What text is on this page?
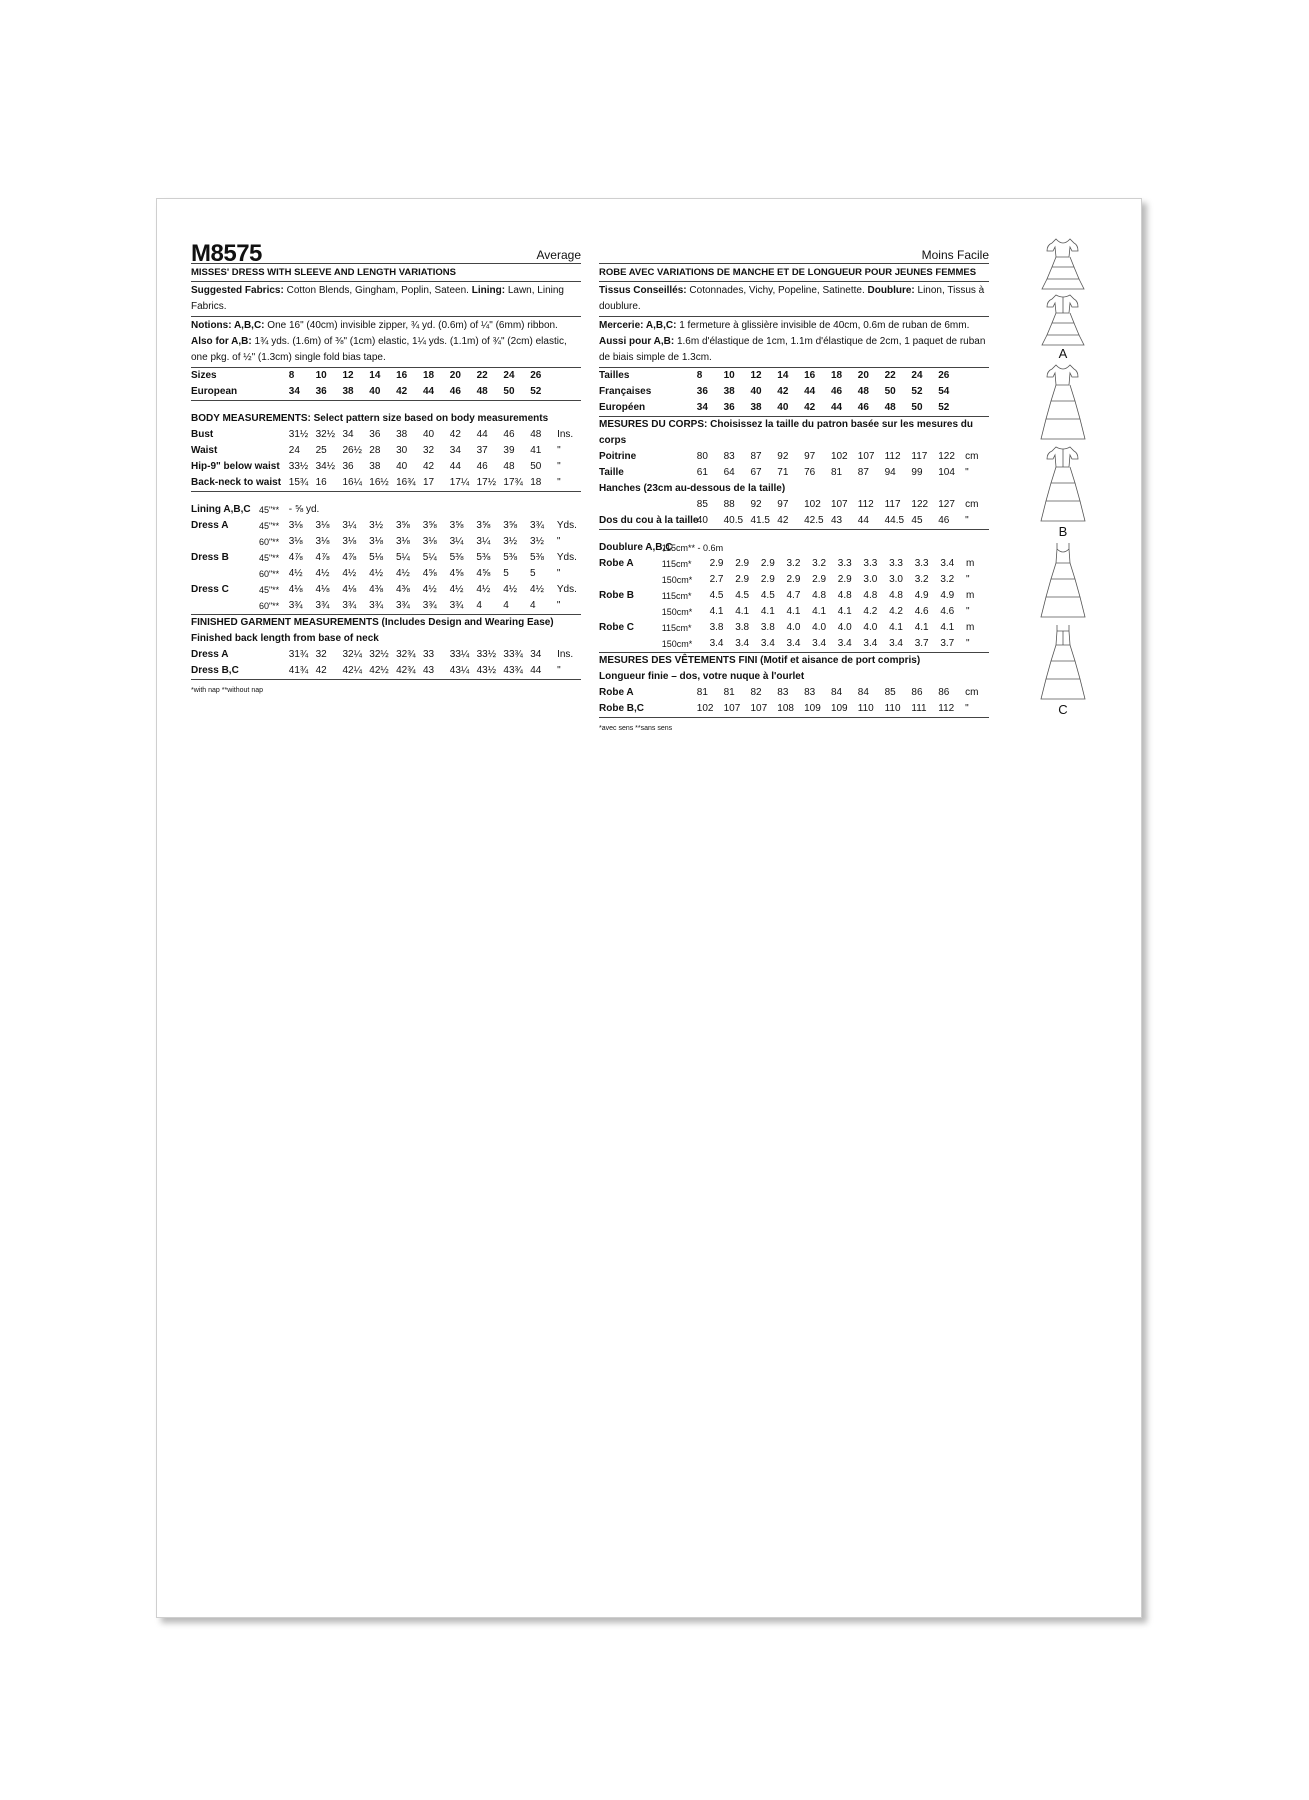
M8575	Average
MISSES' DRESS WITH SLEEVE AND LENGTH VARIATIONS
Suggested Fabrics: Cotton Blends, Gingham, Poplin, Sateen. Lining: Lawn, Lining Fabrics.
Notions: A,B,C: One 16" (40cm) invisible zipper, ¾ yd. (0.6m) of ¼" (6mm) ribbon. Also for A,B: 1¾ yds. (1.6m) of ⅜" (1cm) elastic, 1¼ yds. (1.1m) of ¾" (2cm) elastic, one pkg. of ½" (1.3cm) single fold bias tape.
Sizes		8	10	12	14	16	18	20	22	24	26	
European		34	36	38	40	42	44	46	48	50	52	
BODY MEASUREMENTS: Select pattern size based on body measurements
Bust		31½	32½	34	36	38	40	42	44	46	48	Ins.
Waist		24	25	26½	28	30	32	34	37	39	41	"
Hip-9" below waist		33½	34½	36	38	40	42	44	46	48	50	"
Back-neck to waist		15¾	16	16¼	16½	16¾	17	17¼	17½	17¾	18	"
Lining A,B,C	45"**	- ⅝ yd.										
Dress A	45"**	3⅛	3⅛	3¼	3½	3⅝	3⅝	3⅝	3⅝	3⅝	3¾	Yds.
	60"**	3⅛	3⅛	3⅛	3⅛	3⅛	3⅛	3¼	3¼	3½	3½	"
Dress B	45"**	4⅞	4⅞	4⅞	5⅛	5¼	5¼	5⅜	5⅜	5⅜	5⅜	Yds.
	60"**	4½	4½	4½	4½	4½	4⅝	4⅝	4⅝	5	5	"
Dress C	45"**	4⅛	4⅛	4⅛	4⅜	4⅜	4½	4½	4½	4½	4½	Yds.
	60"**	3¾	3¾	3¾	3¾	3¾	3¾	3¾	4	4	4	"
FINISHED GARMENT MEASUREMENTS (Includes Design and Wearing Ease)
Finished back length from base of neck
Dress A		31¾	32	32¼	32½	32¾	33	33¼	33½	33¾	34	Ins.
Dress B,C		41¾	42	42¼	42½	42¾	43	43¼	43½	43¾	44	"
*with nap **without nap
Moins Facile
ROBE AVEC VARIATIONS DE MANCHE ET DE LONGUEUR POUR JEUNES FEMMES
Tissus Conseillés: Cotonnades, Vichy, Popeline, Satinette. Doublure: Linon, Tissus à doublure.
Mercerie: A,B,C: 1 fermeture à glissière invisible de 40cm, 0.6m de ruban de 6mm. Aussi pour A,B: 1.6m d'élastique de 1cm, 1.1m d'élastique de 2cm, 1 paquet de ruban de biais simple de 1.3cm.
Tailles		8	10	12	14	16	18	20	22	24	26	
Françaises		36	38	40	42	44	46	48	50	52	54	
Européen		34	36	38	40	42	44	46	48	50	52	
MESURES DU CORPS: Choisissez la taille du patron basée sur les mesures du corps
Poitrine		80	83	87	92	97	102	107	112	117	122	cm
Taille		61	64	67	71	76	81	87	94	99	104	"
Hanches (23cm au-dessous de la taille)											
		85	88	92	97	102	107	112	117	122	127	cm
Dos du cou à la taille		40	40.5	41.5	42	42.5	43	44	44.5	45	46	"
Doublure A,B,C	115cm** - 0.6m											
Robe A	115cm*	2.9	2.9	2.9	3.2	3.2	3.3	3.3	3.3	3.3	3.4	m
	150cm*	2.7	2.9	2.9	2.9	2.9	2.9	3.0	3.0	3.2	3.2	"
Robe B	115cm*	4.5	4.5	4.5	4.7	4.8	4.8	4.8	4.8	4.9	4.9	m
	150cm*	4.1	4.1	4.1	4.1	4.1	4.1	4.2	4.2	4.6	4.6	"
Robe C	115cm*	3.8	3.8	3.8	4.0	4.0	4.0	4.0	4.1	4.1	4.1	m
	150cm*	3.4	3.4	3.4	3.4	3.4	3.4	3.4	3.4	3.7	3.7	"
MESURES DES VÊTEMENTS FINI (Motif et aisance de port compris)
Longueur finie – dos, votre nuque à l'ourlet
Robe A		81	81	82	83	83	84	84	85	86	86	cm
Robe B,C		102	107	107	108	109	109	110	110	111	112	"
*avec sens **sans sens
A
B
C
